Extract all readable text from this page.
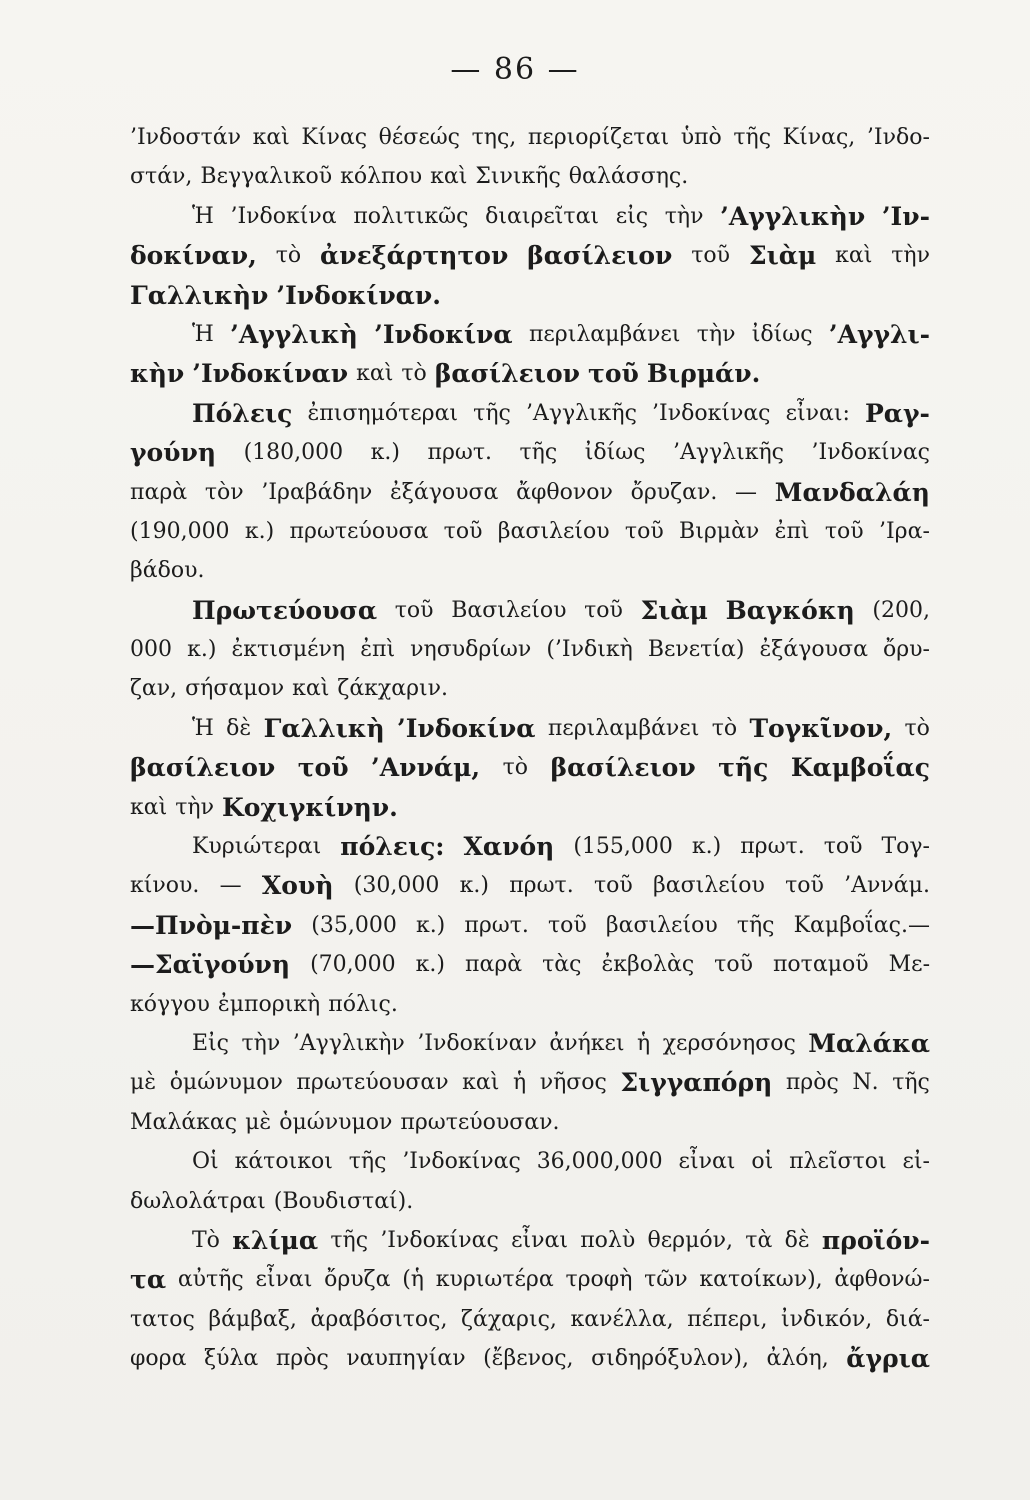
— 86 —
’Ινδοστάν καὶ Κίνας θέσεώς της, περιορίζεται ὑπὸ τῆς Κίνας, ’Ινδο-
στάν, Βεγγαλικοῦ κόλπου καὶ Σινικῆς θαλάσσης.
Ἡ ’Ινδοκίνα πολιτικῶς διαιρεῖται εἰς τὴν ’Αγγλικὴν ’Ιν-
δοκίναν, τὸ ἀνεξάρτητον βασίλειον τοῦ Σιὰμ καὶ τὴν
Γαλλικὴν ’Ινδοκίναν.
Ἡ ’Αγγλικὴ ’Ινδοκίνα περιλαμβάνει τὴν ἰδίως ’Αγγλι-
κὴν ’Ινδοκίναν καὶ τὸ βασίλειον τοῦ Βιρμάν.
Πόλεις ἐπισημότεραι τῆς ’Αγγλικῆς ’Ινδοκίνας εἶναι: Ραγ-
γούνη (180,000 κ.) πρωτ. τῆς ἰδίως ’Αγγλικῆς ’Ινδοκίνας
παρὰ τὸν ’Ιραβάδην ἐξάγουσα ἄφθονον ὄρυζαν. — Μανδαλάη
(190,000 κ.) πρωτεύουσα τοῦ βασιλείου τοῦ Βιρμὰν ἐπὶ τοῦ ’Ιρα-
βάδου.
Πρωτεύουσα τοῦ Βασιλείου τοῦ Σιὰμ Βαγκόκη (200,
000 κ.) ἐκτισμένη ἐπὶ νησυδρίων (’Ινδικὴ Βενετία) ἐξάγουσα ὄρυ-
ζαν, σήσαμον καὶ ζάκχαριν.
Ἡ δὲ Γαλλικὴ ’Ινδοκίνα περιλαμβάνει τὸ Τογκῖνον, τὸ
βασίλειον τοῦ ’Αννάμ, τὸ βασίλειον τῆς Καμβοΐας
καὶ τὴν Κοχιγκίνην.
Κυριώτεραι πόλεις: Χανόη (155,000 κ.) πρωτ. τοῦ Τογ-
κίνου. — Χουὴ (30,000 κ.) πρωτ. τοῦ βασιλείου τοῦ ’Αννάμ.
—Πνὸμ-πὲν (35,000 κ.) πρωτ. τοῦ βασιλείου τῆς Καμβοΐας.—
—Σαϊγούνη (70,000 κ.) παρὰ τὰς ἐκβολὰς τοῦ ποταμοῦ Με-
κόγγου ἐμπορικὴ πόλις.
Εἰς τὴν ’Αγγλικὴν ’Ινδοκίναν ἀνήκει ἡ χερσόνησος Μαλάκα
μὲ ὁμώνυμον πρωτεύουσαν καὶ ἡ νῆσος Σιγγαπόρη πρὸς Ν. τῆς
Μαλάκας μὲ ὁμώνυμον πρωτεύουσαν.
Οἱ κάτοικοι τῆς ’Ινδοκίνας 36,000,000 εἶναι οἱ πλεῖστοι εἰ-
δωλολάτραι (Βουδισταί).
Τὸ κλίμα τῆς ’Ινδοκίνας εἶναι πολὺ θερμόν, τὰ δὲ προϊόν-
τα αὐτῆς εἶναι ὄρυζα (ἡ κυριωτέρα τροφὴ τῶν κατοίκων), ἀφθονώ-
τατος βάμβαξ, ἀραβόσιτος, ζάχαρις, κανέλλα, πέπερι, ἰνδικόν, διά-
φορα ξύλα πρὸς ναυπηγίαν (ἔβενος, σιδηρόξυλον), ἀλόη, ἄγρια
